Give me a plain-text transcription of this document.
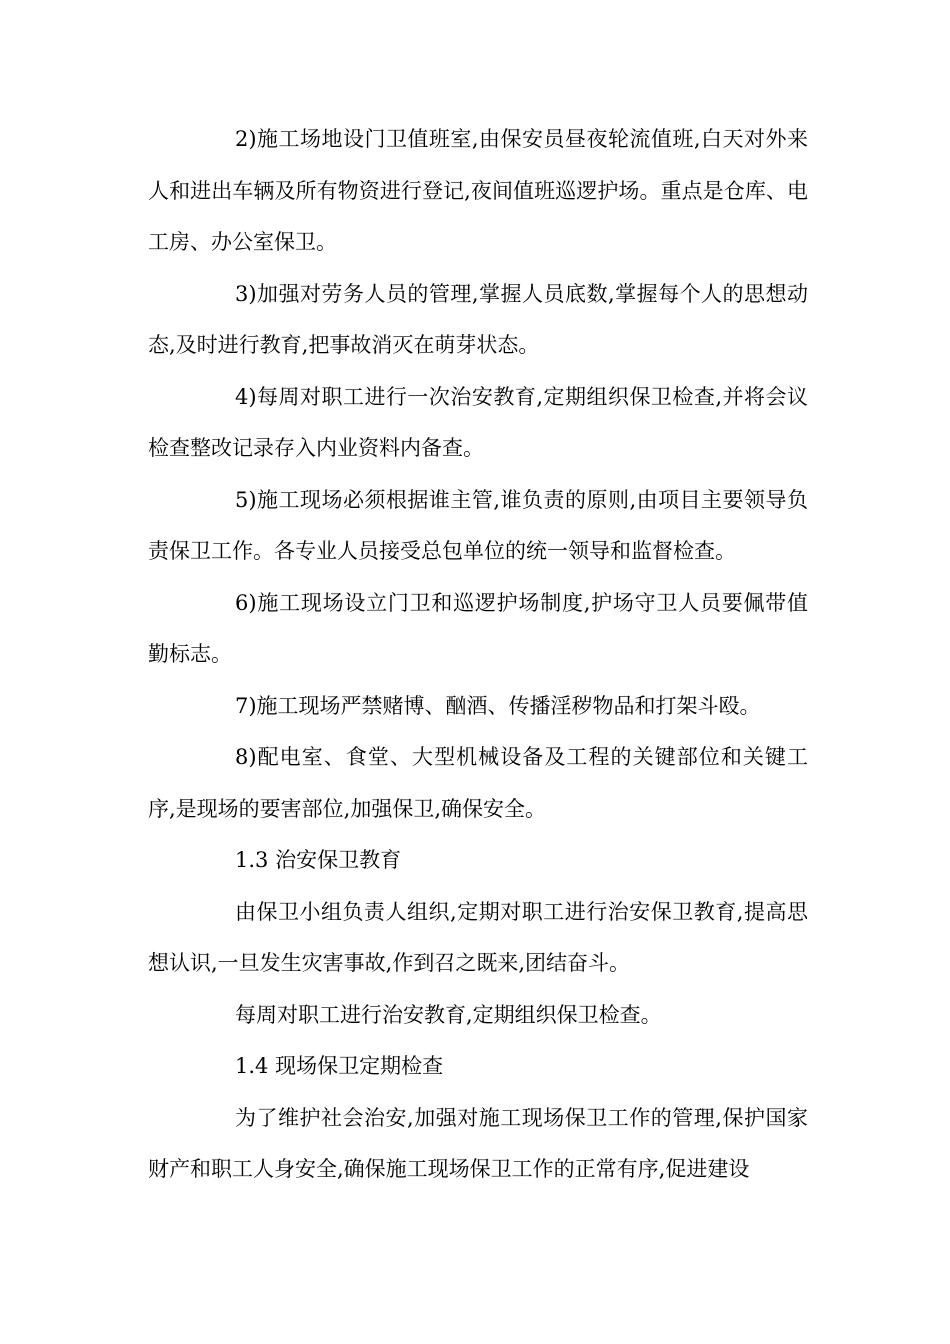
2)施工场地设门卫值班室,由保安员昼夜轮流值班,白天对外来人和进出车辆及所有物资进行登记,夜间值班巡逻护场。重点是仓库、电工房、办公室保卫。

3)加强对劳务人员的管理,掌握人员底数,掌握每个人的思想动态,及时进行教育,把事故消灭在萌芽状态。

4)每周对职工进行一次治安教育,定期组织保卫检查,并将会议检查整改记录存入内业资料内备查。

5)施工现场必须根据谁主管,谁负责的原则,由项目主要领导负责保卫工作。各专业人员接受总包单位的统一领导和监督检查。

6)施工现场设立门卫和巡逻护场制度,护场守卫人员要佩带值勤标志。

7)施工现场严禁赌博、酗酒、传播淫秽物品和打架斗殴。

8)配电室、食堂、大型机械设备及工程的关键部位和关键工序,是现场的要害部位,加强保卫,确保安全。

1.3 治安保卫教育

由保卫小组负责人组织,定期对职工进行治安保卫教育,提高思想认识,一旦发生灾害事故,作到召之既来,团结奋斗。

每周对职工进行治安教育,定期组织保卫检查。

1.4 现场保卫定期检查

为了维护社会治安,加强对施工现场保卫工作的管理,保护国家财产和职工人身安全,确保施工现场保卫工作的正常有序,促进建设
